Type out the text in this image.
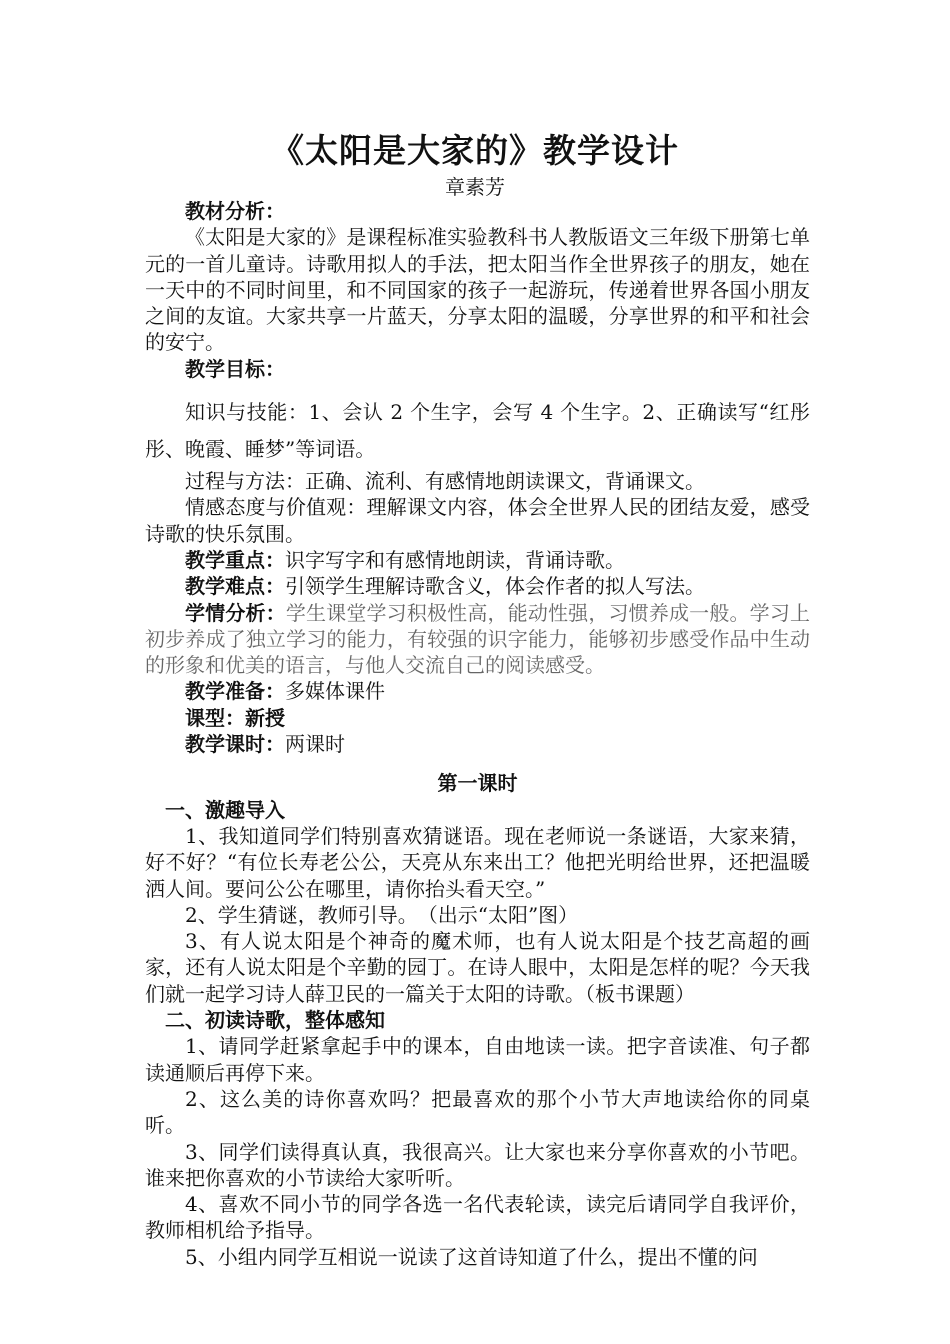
《太阳是大家的》教学设计
章素芳

教材分析：

《太阳是大家的》是课程标准实验教科书人教版语文三年级下册第七单元的一首儿童诗。诗歌用拟人的手法，把太阳当作全世界孩子的朋友，她在一天中的不同时间里，和不同国家的孩子一起游玩，传递着世界各国小朋友之间的友谊。大家共享一片蓝天，分享太阳的温暖，分享世界的和平和社会的安宁。

教学目标：

知识与技能：1、会认 2 个生字，会写 4 个生字。2、正确读写“红彤彤、晚霞、睡梦”等词语。

过程与方法：正确、流利、有感情地朗读课文，背诵课文。

情感态度与价值观：理解课文内容，体会全世界人民的团结友爱，感受诗歌的快乐氛围。

教学重点：识字写字和有感情地朗读，背诵诗歌。

教学难点：引领学生理解诗歌含义，体会作者的拟人写法。

学情分析：学生课堂学习积极性高，能动性强，习惯养成一般。学习上初步养成了独立学习的能力，有较强的识字能力，能够初步感受作品中生动的形象和优美的语言，与他人交流自己的阅读感受。

教学准备：多媒体课件

课型：新授

教学课时：两课时

第一课时

一、激趣导入

1、我知道同学们特别喜欢猜谜语。现在老师说一条谜语，大家来猜，好不好？“有位长寿老公公，天亮从东来出工？他把光明给世界，还把温暖洒人间。要问公公在哪里，请你抬头看天空。”

2、学生猜谜，教师引导。　（出示“太阳”图）

3、有人说太阳是个神奇的魔术师，也有人说太阳是个技艺高超的画家，还有人说太阳是个辛勤的园丁。在诗人眼中，太阳是怎样的呢？今天我们就一起学习诗人薛卫民的一篇关于太阳的诗歌。（板书课题）

二、初读诗歌，整体感知

1、请同学赶紧拿起手中的课本，自由地读一读。把字音读准、句子都读通顺后再停下来。

2、这么美的诗你喜欢吗？把最喜欢的那个小节大声地读给你的同桌听。

3、同学们读得真认真，我很高兴。让大家也来分享你喜欢的小节吧。谁来把你喜欢的小节读给大家听听。

4、喜欢不同小节的同学各选一名代表轮读，读完后请同学自我评价，教师相机给予指导。

5、小组内同学互相说一说读了这首诗知道了什么，提出不懂的问
